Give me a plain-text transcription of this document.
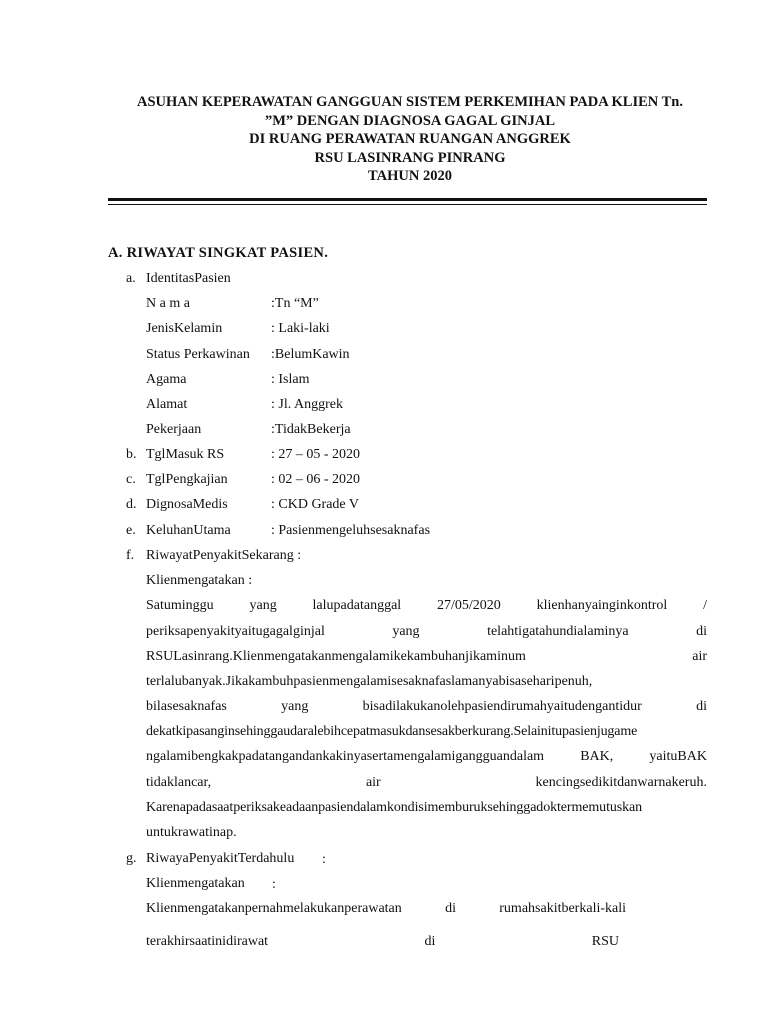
ASUHAN KEPERAWATAN GANGGUAN SISTEM PERKEMIHAN PADA KLIEN Tn.
”M” DENGAN DIAGNOSA GAGAL GINJAL
DI RUANG PERAWATAN RUANGAN ANGGREK
RSU LASINRANG PINRANG
TAHUN 2020
A. RIWAYAT SINGKAT PASIEN.
a. IdentitasPasien
N a m a	:Tn “M”
JenisKelamin	: Laki-laki
Status Perkawinan :BelumKawin
Agama	: Islam
Alamat	: Jl. Anggrek
Pekerjaan	:TidakBekerja
b. TglMasuk RS	: 27 – 05 - 2020
c. TglPengkajian	: 02 – 06 - 2020
d. DignosaMedis	: CKD Grade V
e. KeluhanUtama	: Pasienmengeluhsesaknafas
f. RiwayatPenyakitSekarang :
Klienmengatakan :
Satuminggu	yang	lalupadatanggal	27/05/2020	klienhanyainginkontrol	/
periksapenyakityaitugagalginjal	yang	telahtigatahundialaminya	di
RSULasinrang.Klienmengatakanmengalamikekambuhanjikaminum	air
terlalubanyak.Jikakambuhpasienmengalamisesaknafaslamanyabisaseharipenuh,
bilasesaknafas	yang	bisadilakukanolehpasiendirumahyaitudengantidur	di
dekatkipasanginsehinggaudaralebihcepatmasukdansesakberkurang.Selainitupasienjugame
ngalamibengkakpadatangandankakinyasertamengalamigangguandalam	BAK,	yaituBAK
tidaklancar,	air	kencingsedikitdanwarnakeruh.
Karenapadasaatperiksakeadaanpasiendalamkondisimemburuksehinggadoktermemutuskan
untukrawatinap.
g. RiwayaPenyakitTerdahulu :
Klienmengatakan :
Klienmengatakanpernahmelakukanperawatan	di	rumahsakitberkali-kali
terakhirsaatinidirawat	di	RSU
